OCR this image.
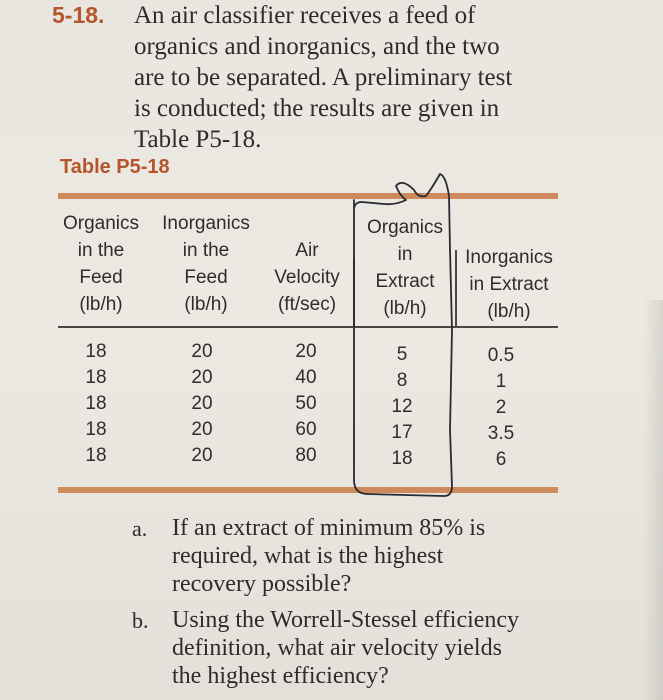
5-18. An air classifier receives a feed of
organics and inorganics, and the two
are to be separated. A preliminary test
is conducted; the results are given in
Table P5-18.
Table P5-18
Organics
in the
Feed
(lb/h)
Inorganics
in the
Feed
(lb/h)
Air
Velocity
(ft/sec)
Organics
in
Extract
(lb/h)
Inorganics
in Extract
(lb/h)
18
18
18
18
18
20
20
20
20
20
20
40
50
60
80
5
8
12
17
18
0.5
1
2
3.5
6
a. If an extract of minimum 85% is
required, what is the highest
recovery possible?
b. Using the Worrell-Stessel efficiency
definition, what air velocity yields
the highest efficiency?
